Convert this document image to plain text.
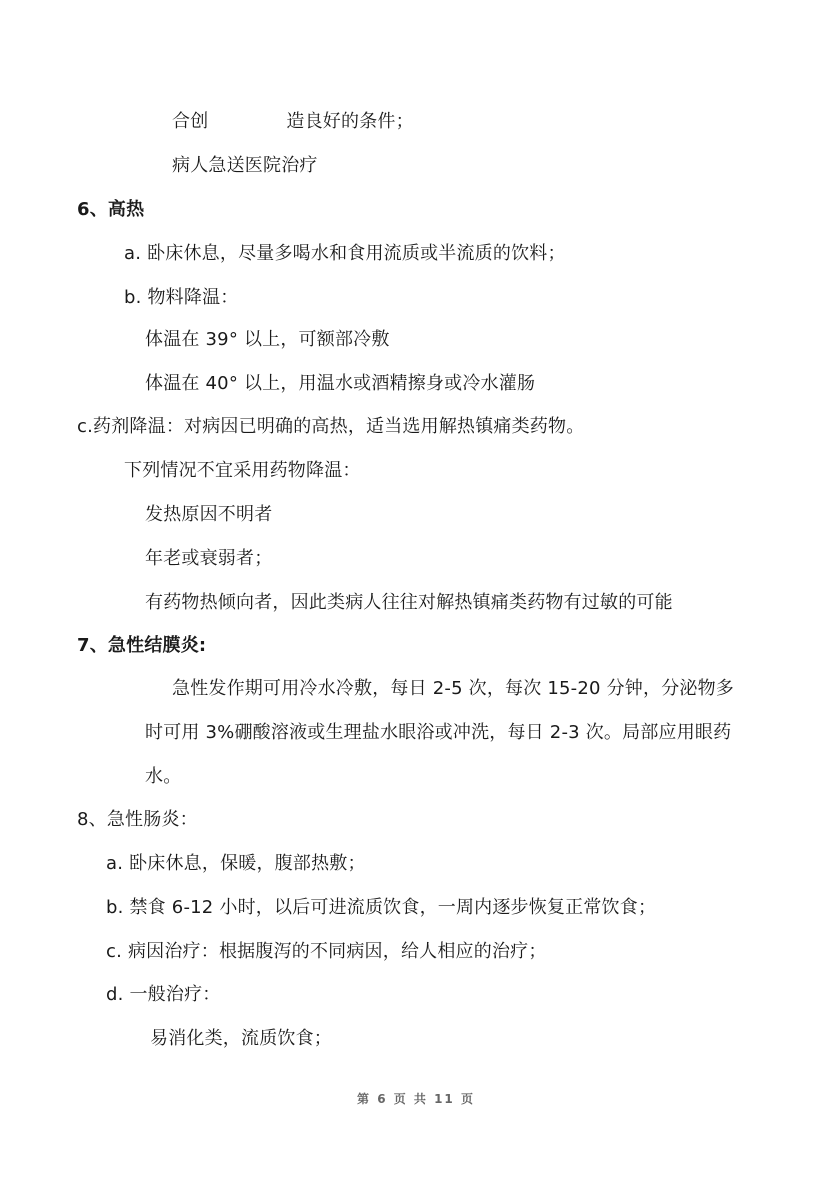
合创	造良好的条件；
病人急送医院治疗
6、高热
a. 卧床休息，尽量多喝水和食用流质或半流质的饮料；
b. 物料降温：
体温在 39° 以上，可额部冷敷
体温在 40° 以上，用温水或酒精擦身或冷水灌肠
c.药剂降温：对病因已明确的高热，适当选用解热镇痛类药物。
下列情况不宜采用药物降温：
发热原因不明者
年老或衰弱者；
有药物热倾向者，因此类病人往往对解热镇痛类药物有过敏的可能
7、急性结膜炎:
急性发作期可用冷水冷敷，每日 2-5 次，每次 15-20 分钟，分泌物多
时可用 3%硼酸溶液或生理盐水眼浴或冲洗，每日 2-3 次。局部应用眼药
水。
8、急性肠炎：
a. 卧床休息，保暖，腹部热敷；
b. 禁食 6-12 小时，以后可进流质饮食，一周内逐步恢复正常饮食；
c. 病因治疗：根据腹泻的不同病因，给人相应的治疗；
d. 一般治疗：
易消化类，流质饮食；
第 6 页 共 11 页
